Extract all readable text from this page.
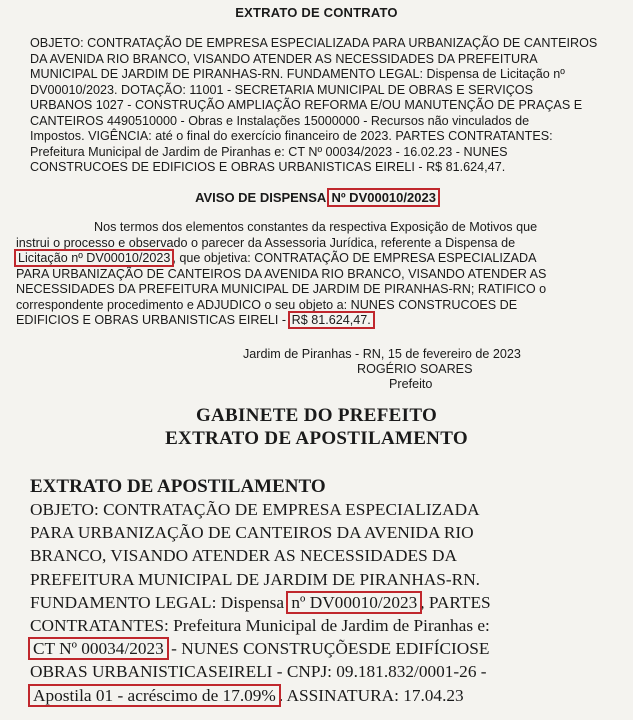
EXTRATO DE CONTRATO
OBJETO: CONTRATAÇÃO DE EMPRESA ESPECIALIZADA PARA URBANIZAÇÃO DE CANTEIROS
DA AVENIDA RIO BRANCO, VISANDO ATENDER AS NECESSIDADES DA PREFEITURA
MUNICIPAL DE JARDIM DE PIRANHAS-RN. FUNDAMENTO LEGAL: Dispensa de Licitação nº
DV00010/2023. DOTAÇÃO: 11001 - SECRETARIA MUNICIPAL DE OBRAS E SERVIÇOS
URBANOS 1027 - CONSTRUÇÃO AMPLIAÇÃO REFORMA E/OU MANUTENÇÃO DE PRAÇAS E
CANTEIROS 4490510000 - Obras e Instalações 15000000 - Recursos não vinculados de
Impostos. VIGÊNCIA: até o final do exercício financeiro de 2023. PARTES CONTRATANTES:
Prefeitura Municipal de Jardim de Piranhas e: CT Nº 00034/2023 - 16.02.23 - NUNES
CONSTRUCOES DE EDIFICIOS E OBRAS URBANISTICAS EIRELI - R$ 81.624,47.
AVISO DE DISPENSA Nº DV00010/2023
Nos termos dos elementos constantes da respectiva Exposição de Motivos que
instrui o processo e observado o parecer da Assessoria Jurídica, referente a Dispensa de
Licitação nº DV00010/2023 , que objetiva: CONTRATAÇÃO DE EMPRESA ESPECIALIZADA
PARA URBANIZAÇÃO DE CANTEIROS DA AVENIDA RIO BRANCO, VISANDO ATENDER AS
NECESSIDADES DA PREFEITURA MUNICIPAL DE JARDIM DE PIRANHAS-RN; RATIFICO o
correspondente procedimento e ADJUDICO o seu objeto a: NUNES CONSTRUCOES DE
EDIFICIOS E OBRAS URBANISTICAS EIRELI - R$ 81.624,47.
Jardim de Piranhas - RN, 15 de fevereiro de 2023
ROGÉRIO SOARES
Prefeito
GABINETE DO PREFEITO
EXTRATO DE APOSTILAMENTO
EXTRATO DE APOSTILAMENTO
OBJETO: CONTRATAÇÃO DE EMPRESA ESPECIALIZADA
PARA URBANIZAÇÃO DE CANTEIROS DA AVENIDA RIO
BRANCO, VISANDO ATENDER AS NECESSIDADES DA
PREFEITURA MUNICIPAL DE JARDIM DE PIRANHAS-RN.
FUNDAMENTO LEGAL: Dispensa nº DV00010/2023 , PARTES
CONTRATANTES: Prefeitura Municipal de Jardim de Piranhas e:
CT Nº 00034/2023 - NUNES CONSTRUÇÕESDE EDIFÍCIOSE
OBRAS URBANISTICASEIRELI - CNPJ: 09.181.832/0001-26 -
Apostila 01 - acréscimo de 17.09% . ASSINATURA: 17.04.23
